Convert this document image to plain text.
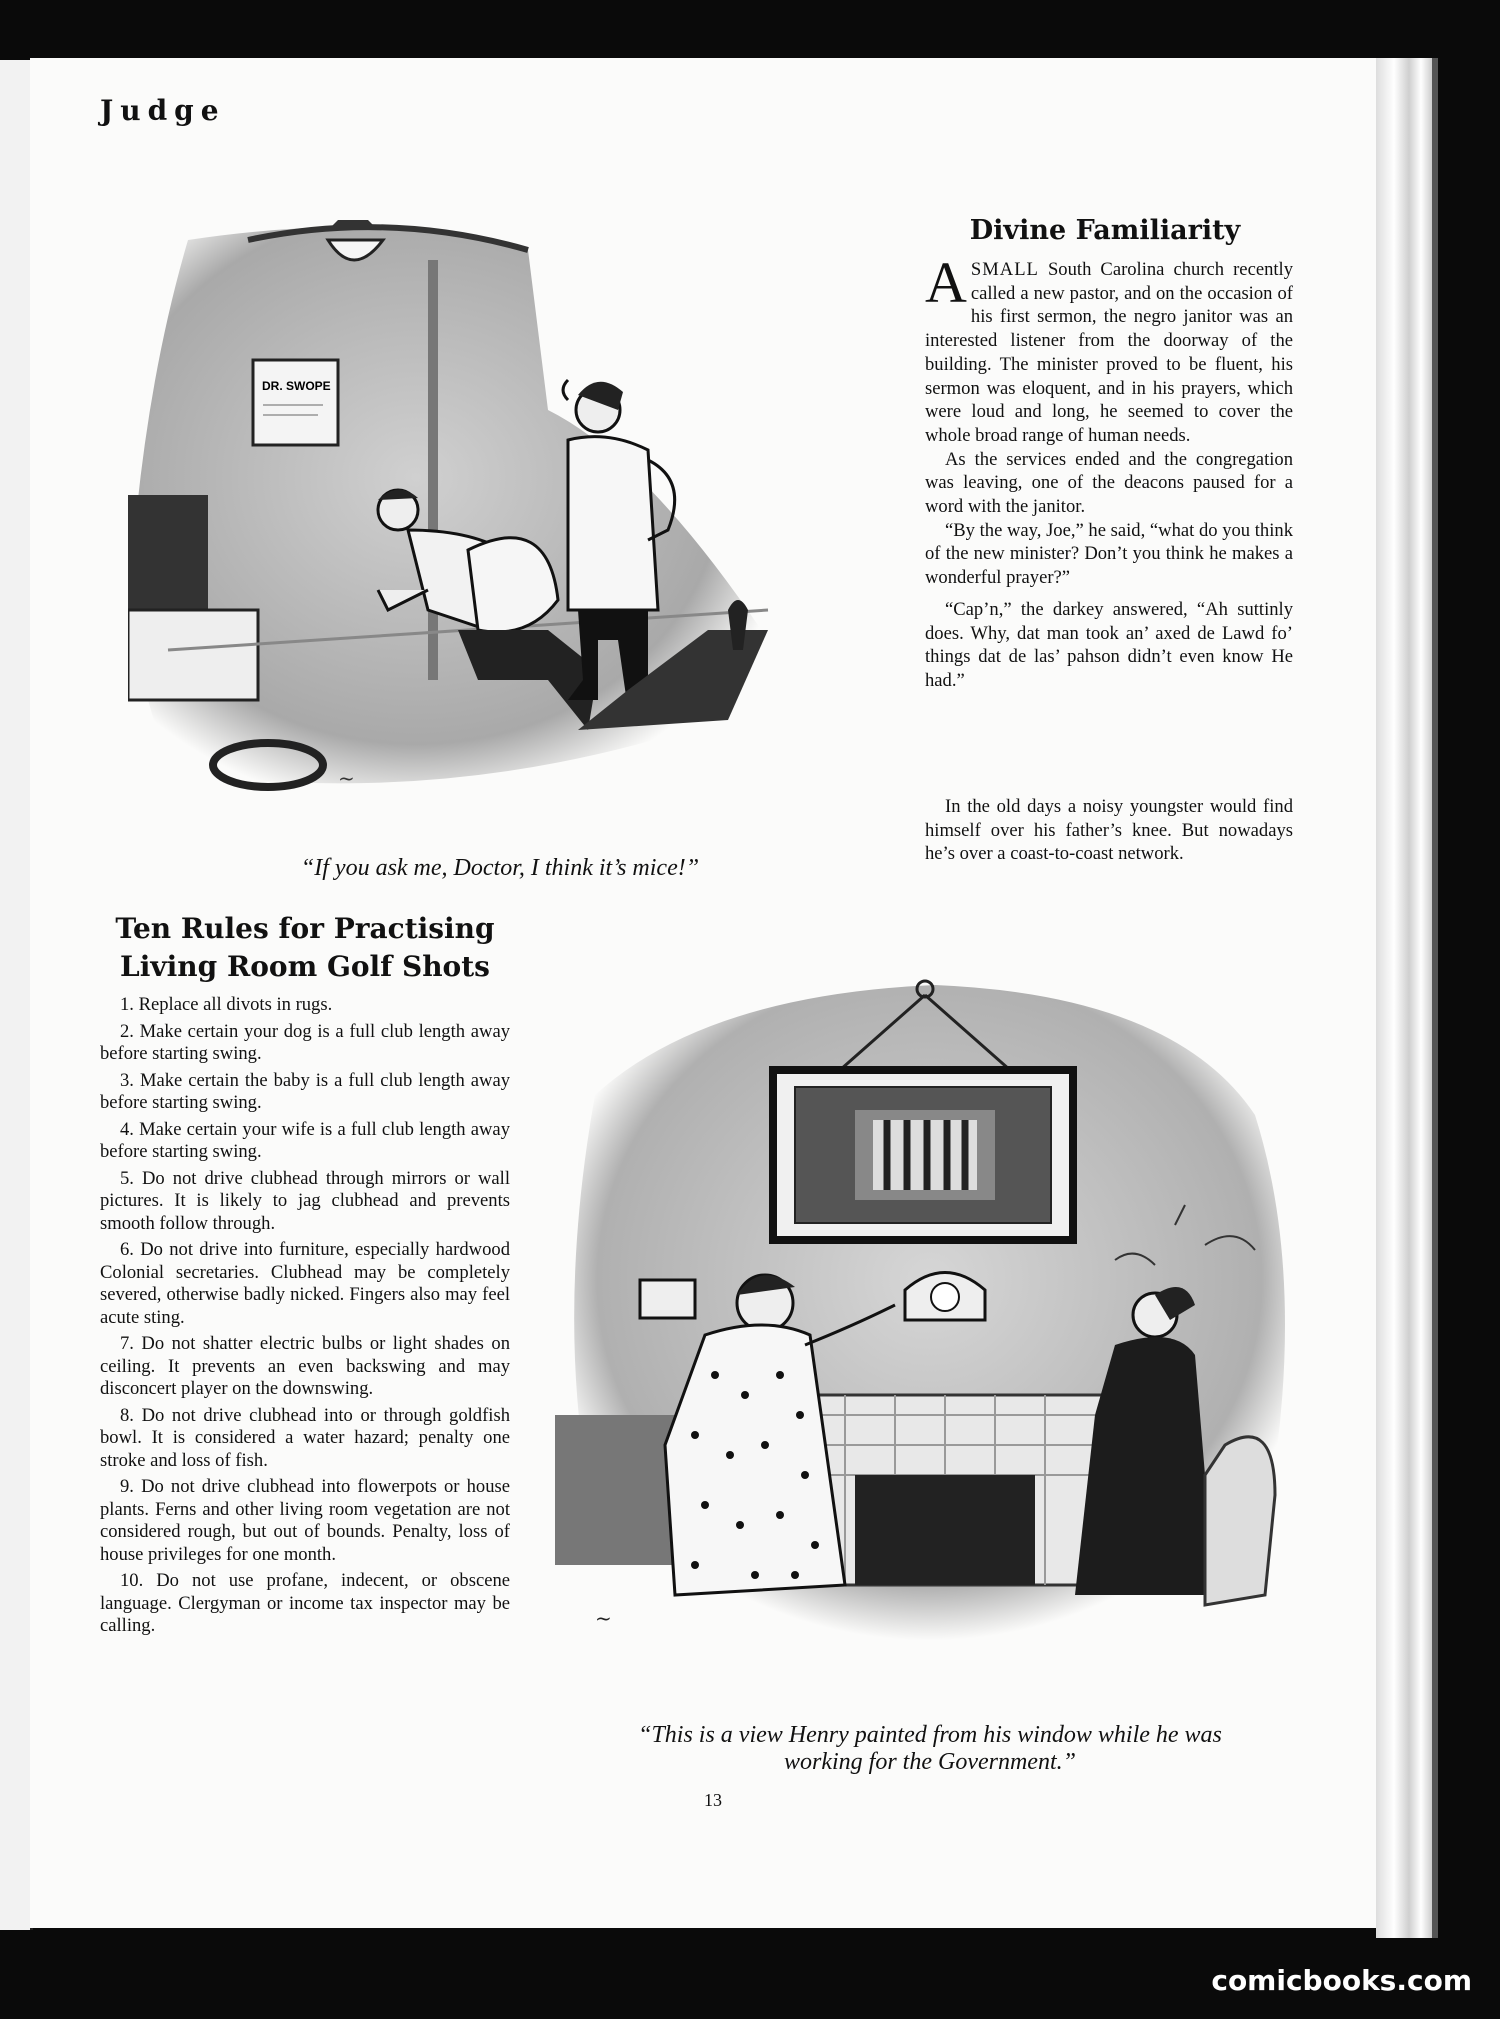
Judge
DR. SWOPE
~
“If you ask me, Doctor, I think it’s mice!”
Divine Familiarity

ASMALL South Carolina church recently called a new pastor, and on the occasion of his first sermon, the negro janitor was an interested listener from the doorway of the building. The minister proved to be fluent, his sermon was eloquent, and in his prayers, which were loud and long, he seemed to cover the whole broad range of human needs.

As the services ended and the congregation was leaving, one of the deacons paused for a word with the janitor.

“By the way, Joe,” he said, “what do you think of the new minister? Don’t you think he makes a wonderful prayer?”

“Cap’n,” the darkey answered, “Ah suttinly does. Why, dat man took an’ axed de Lawd fo’ things dat de las’ pahson didn’t even know He had.”

In the old days a noisy youngster would find himself over his father’s knee. But nowadays he’s over a coast-to-coast network.

Ten Rules for Practising
Living Room Golf Shots
1. Replace all divots in rugs.
2. Make certain your dog is a full club length away before starting swing.
3. Make certain the baby is a full club length away before starting swing.
4. Make certain your wife is a full club length away before starting swing.
5. Do not drive clubhead through mirrors or wall pictures. It is likely to jag clubhead and prevents smooth follow through.
6. Do not drive into furniture, especially hardwood Colonial secretaries. Clubhead may be completely severed, otherwise badly nicked. Fingers also may feel acute sting.
7. Do not shatter electric bulbs or light shades on ceiling. It prevents an even backswing and may disconcert player on the downswing.
8. Do not drive clubhead into or through goldfish bowl. It is considered a water hazard; penalty one stroke and loss of fish.
9. Do not drive clubhead into flowerpots or house plants. Ferns and other living room vegetation are not considered rough, but out of bounds. Penalty, loss of house privileges for one month.
10. Do not use profane, indecent, or obscene language. Clergyman or income tax inspector may be calling.	~
“This is a view Henry painted from his window while he was
working for the Government.”
13
comicbooks.com
